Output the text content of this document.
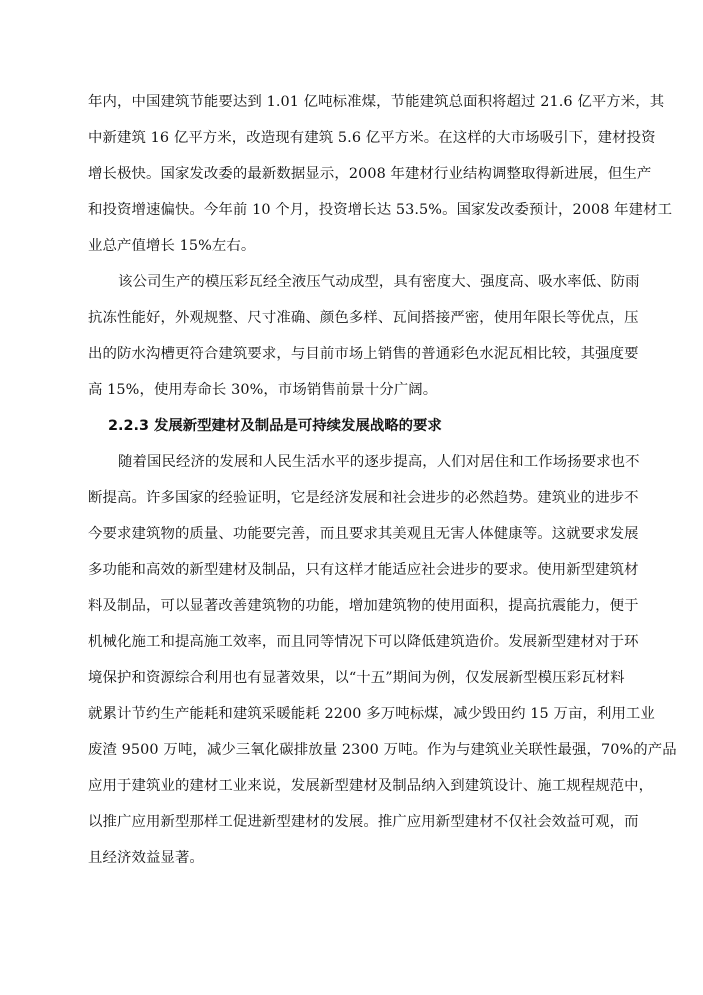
年内，中国建筑节能要达到 1.01 亿吨标准煤，节能建筑总面积将超过 21.6 亿平方米，其
中新建筑 16 亿平方米，改造现有建筑 5.6 亿平方米。在这样的大市场吸引下，建材投资
增长极快。国家发改委的最新数据显示，2008 年建材行业结构调整取得新进展，但生产
和投资增速偏快。今年前 10 个月，投资增长达 53.5%。国家发改委预计，2008 年建材工
业总产值增长 15%左右。
该公司生产的模压彩瓦经全液压气动成型，具有密度大、强度高、吸水率低、防雨
抗冻性能好，外观规整、尺寸准确、颜色多样、瓦间搭接严密，使用年限长等优点，压
出的防水沟槽更符合建筑要求，与目前市场上销售的普通彩色水泥瓦相比较，其强度要
高 15%，使用寿命长 30%，市场销售前景十分广阔。
2.2.3 发展新型建材及制品是可持续发展战略的要求
随着国民经济的发展和人民生活水平的逐步提高，人们对居住和工作场扬要求也不
断提高。许多国家的经验证明，它是经济发展和社会进步的必然趋势。建筑业的进步不
今要求建筑物的质量、功能要完善，而且要求其美观且无害人体健康等。这就要求发展
多功能和高效的新型建材及制品，只有这样才能适应社会进步的要求。使用新型建筑材
料及制品，可以显著改善建筑物的功能，增加建筑物的使用面积，提高抗震能力，便于
机械化施工和提高施工效率，而且同等情况下可以降低建筑造价。发展新型建材对于环
境保护和资源综合利用也有显著效果，以“十五”期间为例，仅发展新型模压彩瓦材料
就累计节约生产能耗和建筑采暖能耗 2200 多万吨标煤，减少毁田约 15 万亩，利用工业
废渣 9500 万吨，减少三氧化碳排放量 2300 万吨。作为与建筑业关联性最强，70%的产品
应用于建筑业的建材工业来说，发展新型建材及制品纳入到建筑设计、施工规程规范中，
以推广应用新型那样工促进新型建材的发展。推广应用新型建材不仅社会效益可观，而
且经济效益显著。
